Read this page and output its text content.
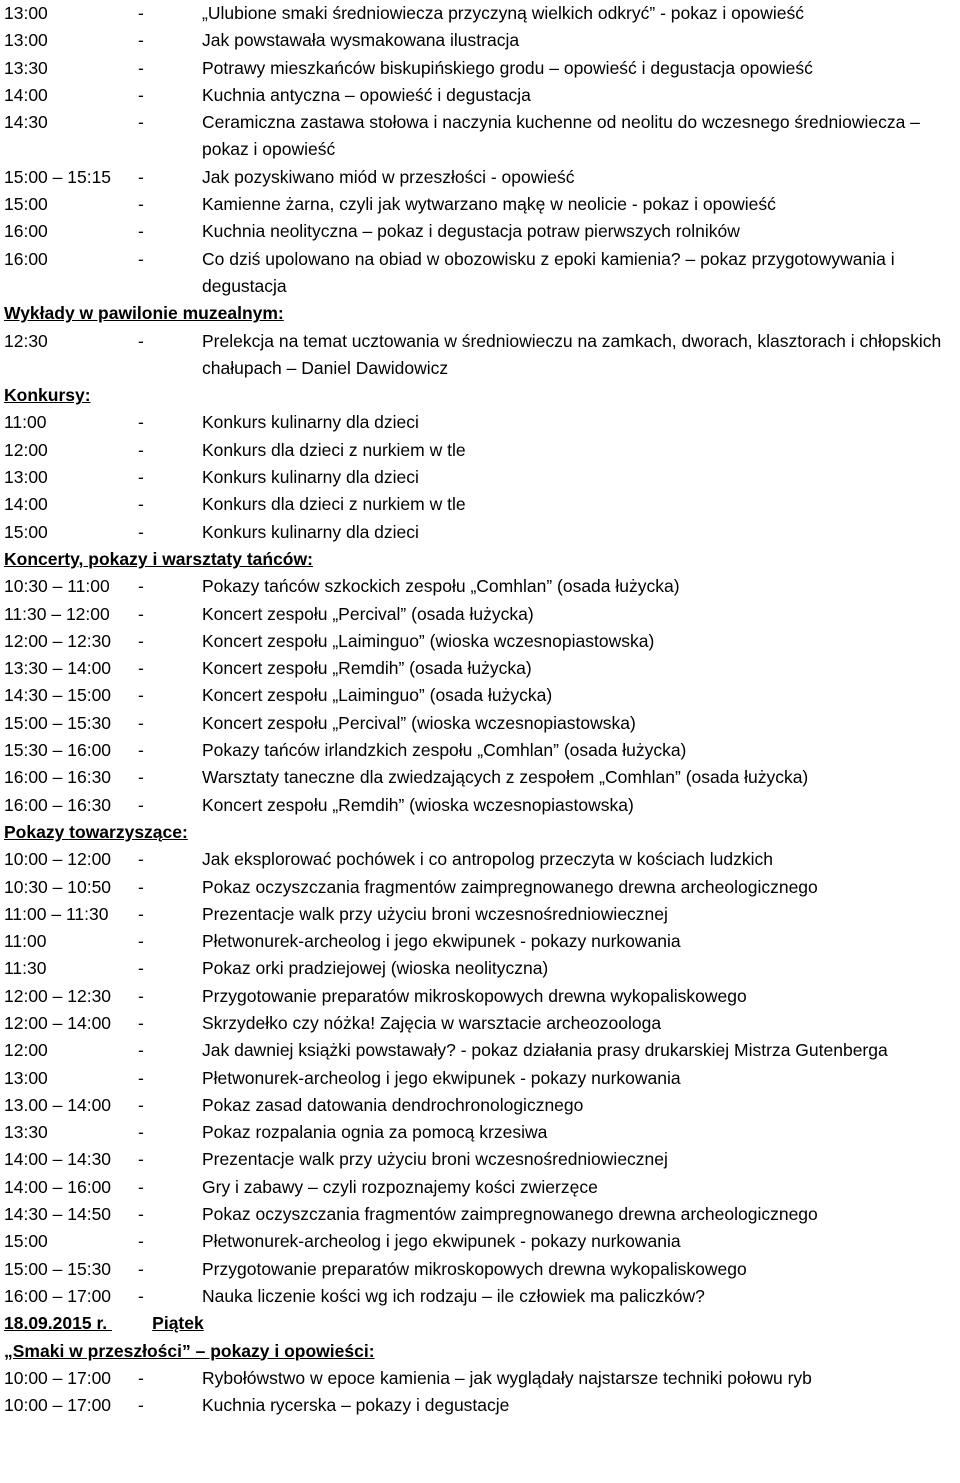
13:00	-	„Ulubione smaki średniowiecza przyczyną wielkich odkryć” - pokaz i opowieść
13:00	-	Jak powstawała wysmakowana ilustracja
13:30	-	Potrawy mieszkańców biskupińskiego grodu – opowieść i degustacja opowieść
14:00	-	Kuchnia antyczna – opowieść i degustacja
14:30	-	Ceramiczna zastawa stołowa i naczynia kuchenne od neolitu do wczesnego średniowiecza – pokaz i opowieść
15:00 – 15:15	-	Jak pozyskiwano miód w przeszłości - opowieść
15:00	-	Kamienne żarna, czyli jak wytwarzano mąkę w neolicie - pokaz i opowieść
16:00	-	Kuchnia neolityczna – pokaz i degustacja potraw pierwszych rolników
16:00	-	Co dziś upolowano na obiad w obozowisku z epoki kamienia? – pokaz przygotowywania i degustacja
Wykłady w pawilonie muzealnym:
12:30	-	Prelekcja na temat ucztowania w średniowieczu na zamkach, dworach, klasztorach i chłopskich chałupach – Daniel Dawidowicz
Konkursy:
11:00	-	Konkurs kulinarny dla dzieci
12:00	-	Konkurs dla dzieci z nurkiem w tle
13:00	-	Konkurs kulinarny dla dzieci
14:00	-	Konkurs dla dzieci z nurkiem w tle
15:00	-	Konkurs kulinarny dla dzieci
Koncerty, pokazy i warsztaty tańców:
10:30 – 11:00	-	Pokazy tańców szkockich zespołu „Comhlan” (osada łużycka)
11:30 – 12:00	-	Koncert zespołu „Percival” (osada łużycka)
12:00 – 12:30	-	Koncert zespołu „Laiminguo” (wioska wczesnopiastowska)
13:30 – 14:00	-	Koncert zespołu „Remdih” (osada łużycka)
14:30 – 15:00	-	Koncert zespołu „Laiminguo” (osada łużycka)
15:00 – 15:30	-	Koncert zespołu „Percival” (wioska wczesnopiastowska)
15:30 – 16:00	-	Pokazy tańców irlandzkich zespołu „Comhlan” (osada łużycka)
16:00 – 16:30	-	Warsztaty taneczne dla zwiedzających z zespołem „Comhlan” (osada łużycka)
16:00 – 16:30	-	Koncert zespołu „Remdih” (wioska wczesnopiastowska)
Pokazy towarzyszące:
10:00 – 12:00	-	Jak eksplorować pochówek i co antropolog przeczyta w kościach ludzkich
10:30 – 10:50	-	Pokaz oczyszczania fragmentów zaimpregnowanego drewna archeologicznego
11:00 – 11:30	-	Prezentacje walk przy użyciu broni wczesnośredniowiecznej
11:00	-	Płetwonurek-archeolog i jego ekwipunek - pokazy nurkowania
11:30	-	Pokaz orki pradziejowej (wioska neolityczna)
12:00 – 12:30	-	Przygotowanie preparatów mikroskopowych drewna wykopaliskowego
12:00 – 14:00	-	Skrzydełko czy nóżka! Zajęcia w warsztacie archeozoologa
12:00	-	Jak dawniej książki powstawały? - pokaz działania prasy drukarskiej Mistrza Gutenberga
13:00	-	Płetwonurek-archeolog i jego ekwipunek - pokazy nurkowania
13.00 – 14:00	-	Pokaz zasad datowania dendrochronologicznego
13:30	-	Pokaz rozpalania ognia za pomocą krzesiwa
14:00 – 14:30	-	Prezentacje walk przy użyciu broni wczesnośredniowiecznej
14:00 – 16:00	-	Gry i zabawy – czyli rozpoznajemy kości zwierzęce
14:30 – 14:50	-	Pokaz oczyszczania fragmentów zaimpregnowanego drewna archeologicznego
15:00	-	Płetwonurek-archeolog i jego ekwipunek - pokazy nurkowania
15:00 – 15:30	-	Przygotowanie preparatów mikroskopowych drewna wykopaliskowego
16:00 – 17:00	-	Nauka liczenie kości wg ich rodzaju – ile człowiek ma paliczków?
18.09.2015 r.	Piątek
„Smaki w przeszłości” – pokazy i opowieści:
10:00 – 17:00	-	Rybołówstwo w epoce kamienia – jak wyglądały najstarsze techniki połowu ryb
10:00 – 17:00	-	Kuchnia rycerska – pokazy i degustacje
